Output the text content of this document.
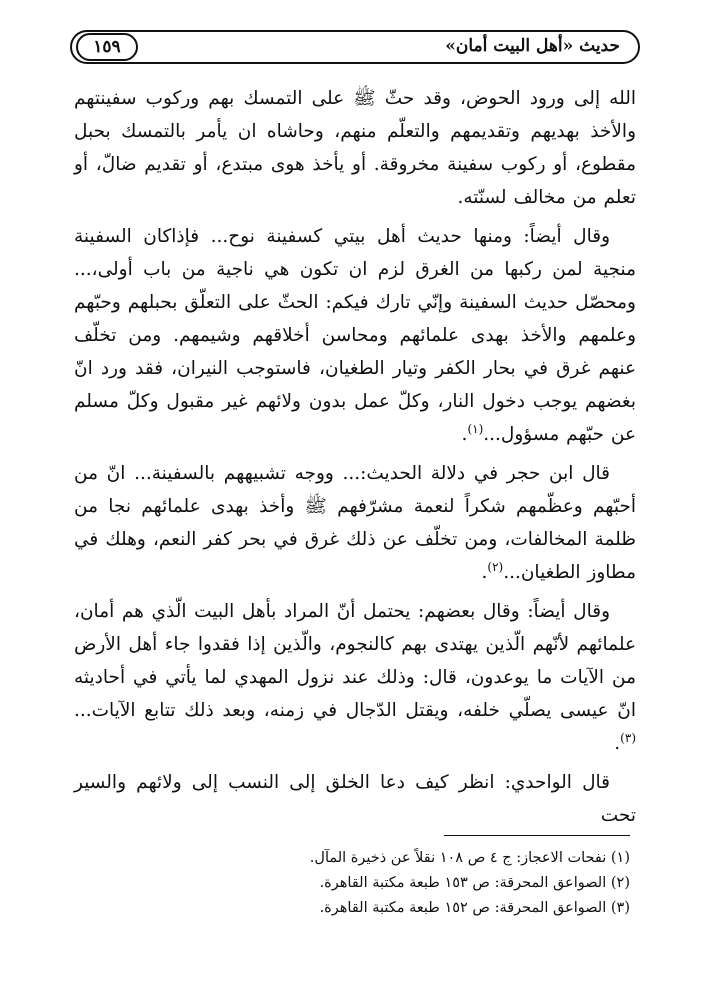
حديث «أهل البيت أمان»
١٥٩

الله إلى ورود الحوض، وقد حثّ ﷺ على التمسك بهم وركوب سفينتهم والأخذ بهديهم وتقديمهم والتعلّم منهم، وحاشاه ان يأمر بالتمسك بحبل مقطوع، أو ركوب سفينة مخروقة. أو يأخذ هوى مبتدع، أو تقديم ضالّ، أو تعلم من مخالف لسنّته.

وقال أيضاً: ومنها حديث أهل بيتي كسفينة نوح... فإذاكان السفينة منجية لمن ركبها من الغرق لزم ان تكون هي ناجية من باب أولى،... ومحصّل حديث السفينة وإنّي تارك فيكم: الحثّ على التعلّق بحبلهم وحبّهم وعلمهم والأخذ بهدى علمائهم ومحاسن أخلاقهم وشيمهم. ومن تخلّف عنهم غرق في بحار الكفر وتيار الطغيان، فاستوجب النيران، فقد ورد انّ بغضهم يوجب دخول النار، وكلّ عمل بدون ولائهم غير مقبول وكلّ مسلم عن حبّهم مسؤول...$^{(١)}$.

قال ابن حجر في دلالة الحديث:... ووجه تشبيههم بالسفينة... انّ من أحبّهم وعظّمهم شكراً لنعمة مشرّفهم ﷺ وأخذ بهدى علمائهم نجا من ظلمة المخالفات، ومن تخلّف عن ذلك غرق في بحر كفر النعم، وهلك في مطاوز الطغيان...$^{(٢)}$.

وقال أيضاً: وقال بعضهم: يحتمل أنّ المراد بأهل البيت الّذي هم أمان، علمائهم لأنّهم الّذين يهتدى بهم كالنجوم، والّذين إذا فقدوا جاء أهل الأرض من الآيات ما يوعدون، قال: وذلك عند نزول المهدي لما يأتي في أحاديثه انّ عيسى يصلّي خلفه، ويقتل الدّجال في زمنه، وبعد ذلك تتابع الآيات...$^{(٣)}$.

قال الواحدي: انظر كيف دعا الخلق إلى النسب إلى ولائهم والسير تحت

(١) نفحات الاعجاز: ج ٤ ص ١٠٨ نقلاً عن ذخيرة المآل.

(٢) الصواعق المحرقة: ص ١٥٣ طبعة مكتبة القاهرة.

(٣) الصواعق المحرقة: ص ١٥٢ طبعة مكتبة القاهرة.
